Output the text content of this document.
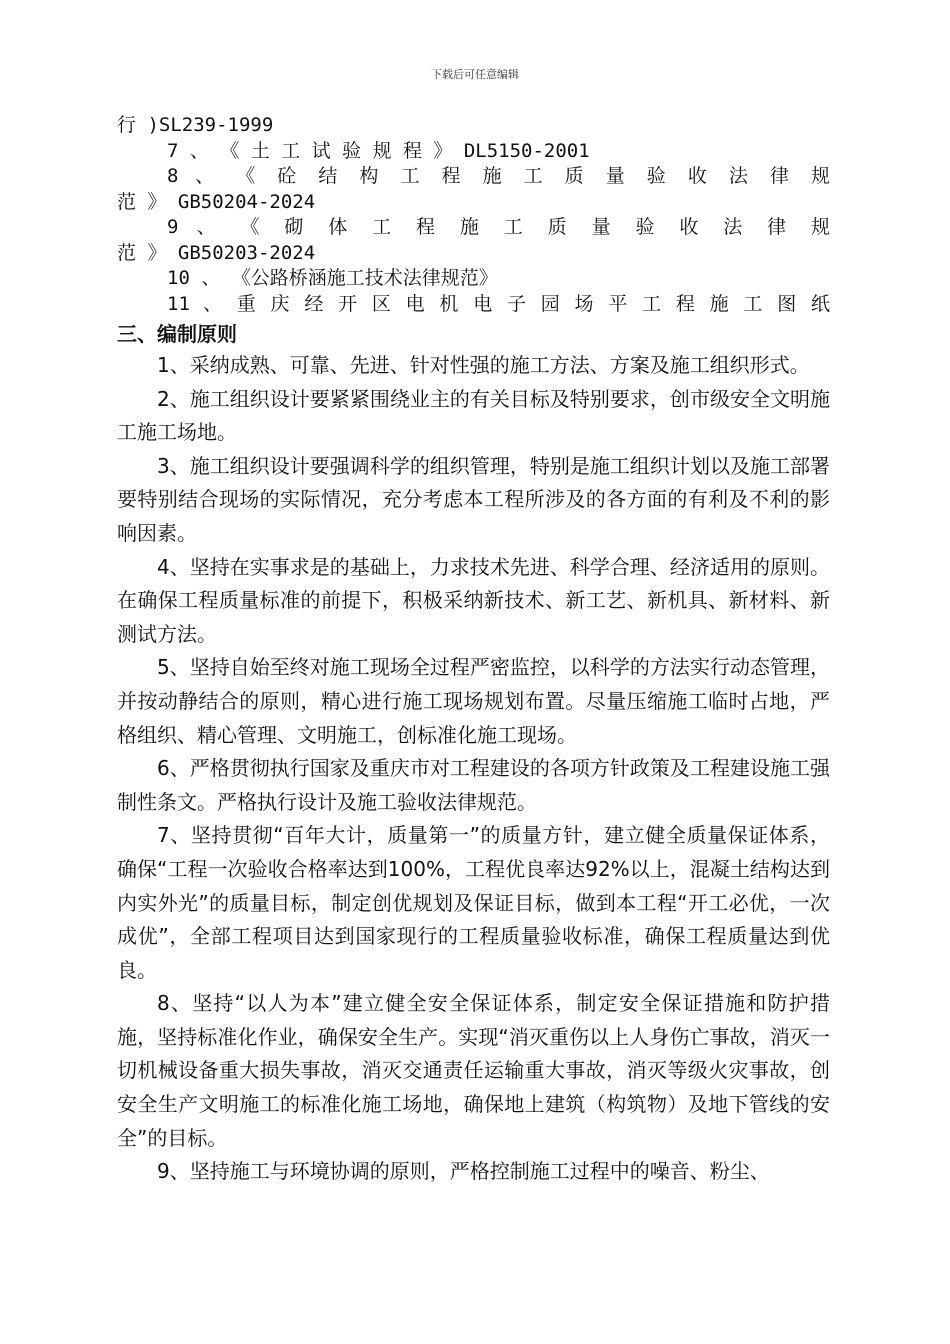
下载后可任意编辑

行 )SL239-1999

7 、 《 土 工 试 验 规 程 》 DL5150-2001

8 、 《 砼 结 构 工 程 施 工 质 量 验 收 法 律 规

范 》 GB50204-2024

9 、 《 砌 体 工 程 施 工 质 量 验 收 法 律 规

范 》 GB50203-2024

10 、 《公路桥涵施工技术法律规范》

11 、 重 庆 经 开 区 电 机 电 子 园 场 平 工 程 施 工 图 纸

三、编制原则

1、采纳成熟、可靠、先进、针对性强的施工方法、方案及施工组织形式。

2、施工组织设计要紧紧围绕业主的有关目标及特别要求，创市级安全文明施工施工场地。

3、施工组织设计要强调科学的组织管理，特别是施工组织计划以及施工部署要特别结合现场的实际情况，充分考虑本工程所涉及的各方面的有利及不利的影响因素。

4、坚持在实事求是的基础上，力求技术先进、科学合理、经济适用的原则。在确保工程质量标准的前提下，积极采纳新技术、新工艺、新机具、新材料、新测试方法。

5、坚持自始至终对施工现场全过程严密监控，以科学的方法实行动态管理，并按动静结合的原则，精心进行施工现场规划布置。尽量压缩施工临时占地，严格组织、精心管理、文明施工，创标准化施工现场。

6、严格贯彻执行国家及重庆市对工程建设的各项方针政策及工程建设施工强制性条文。严格执行设计及施工验收法律规范。

7、坚持贯彻“百年大计，质量第一”的质量方针，建立健全质量保证体系，确保“工程一次验收合格率达到100%，工程优良率达92%以上，混凝土结构达到内实外光”的质量目标，制定创优规划及保证目标，做到本工程“开工必优，一次成优”，全部工程项目达到国家现行的工程质量验收标准，确保工程质量达到优良。

8、坚持“以人为本”建立健全安全保证体系，制定安全保证措施和防护措施，坚持标准化作业，确保安全生产。实现“消灭重伤以上人身伤亡事故，消灭一切机械设备重大损失事故，消灭交通责任运输重大事故，消灭等级火灾事故，创安全生产文明施工的标准化施工场地，确保地上建筑（构筑物）及地下管线的安全”的目标。

9、坚持施工与环境协调的原则，严格控制施工过程中的噪音、粉尘、
